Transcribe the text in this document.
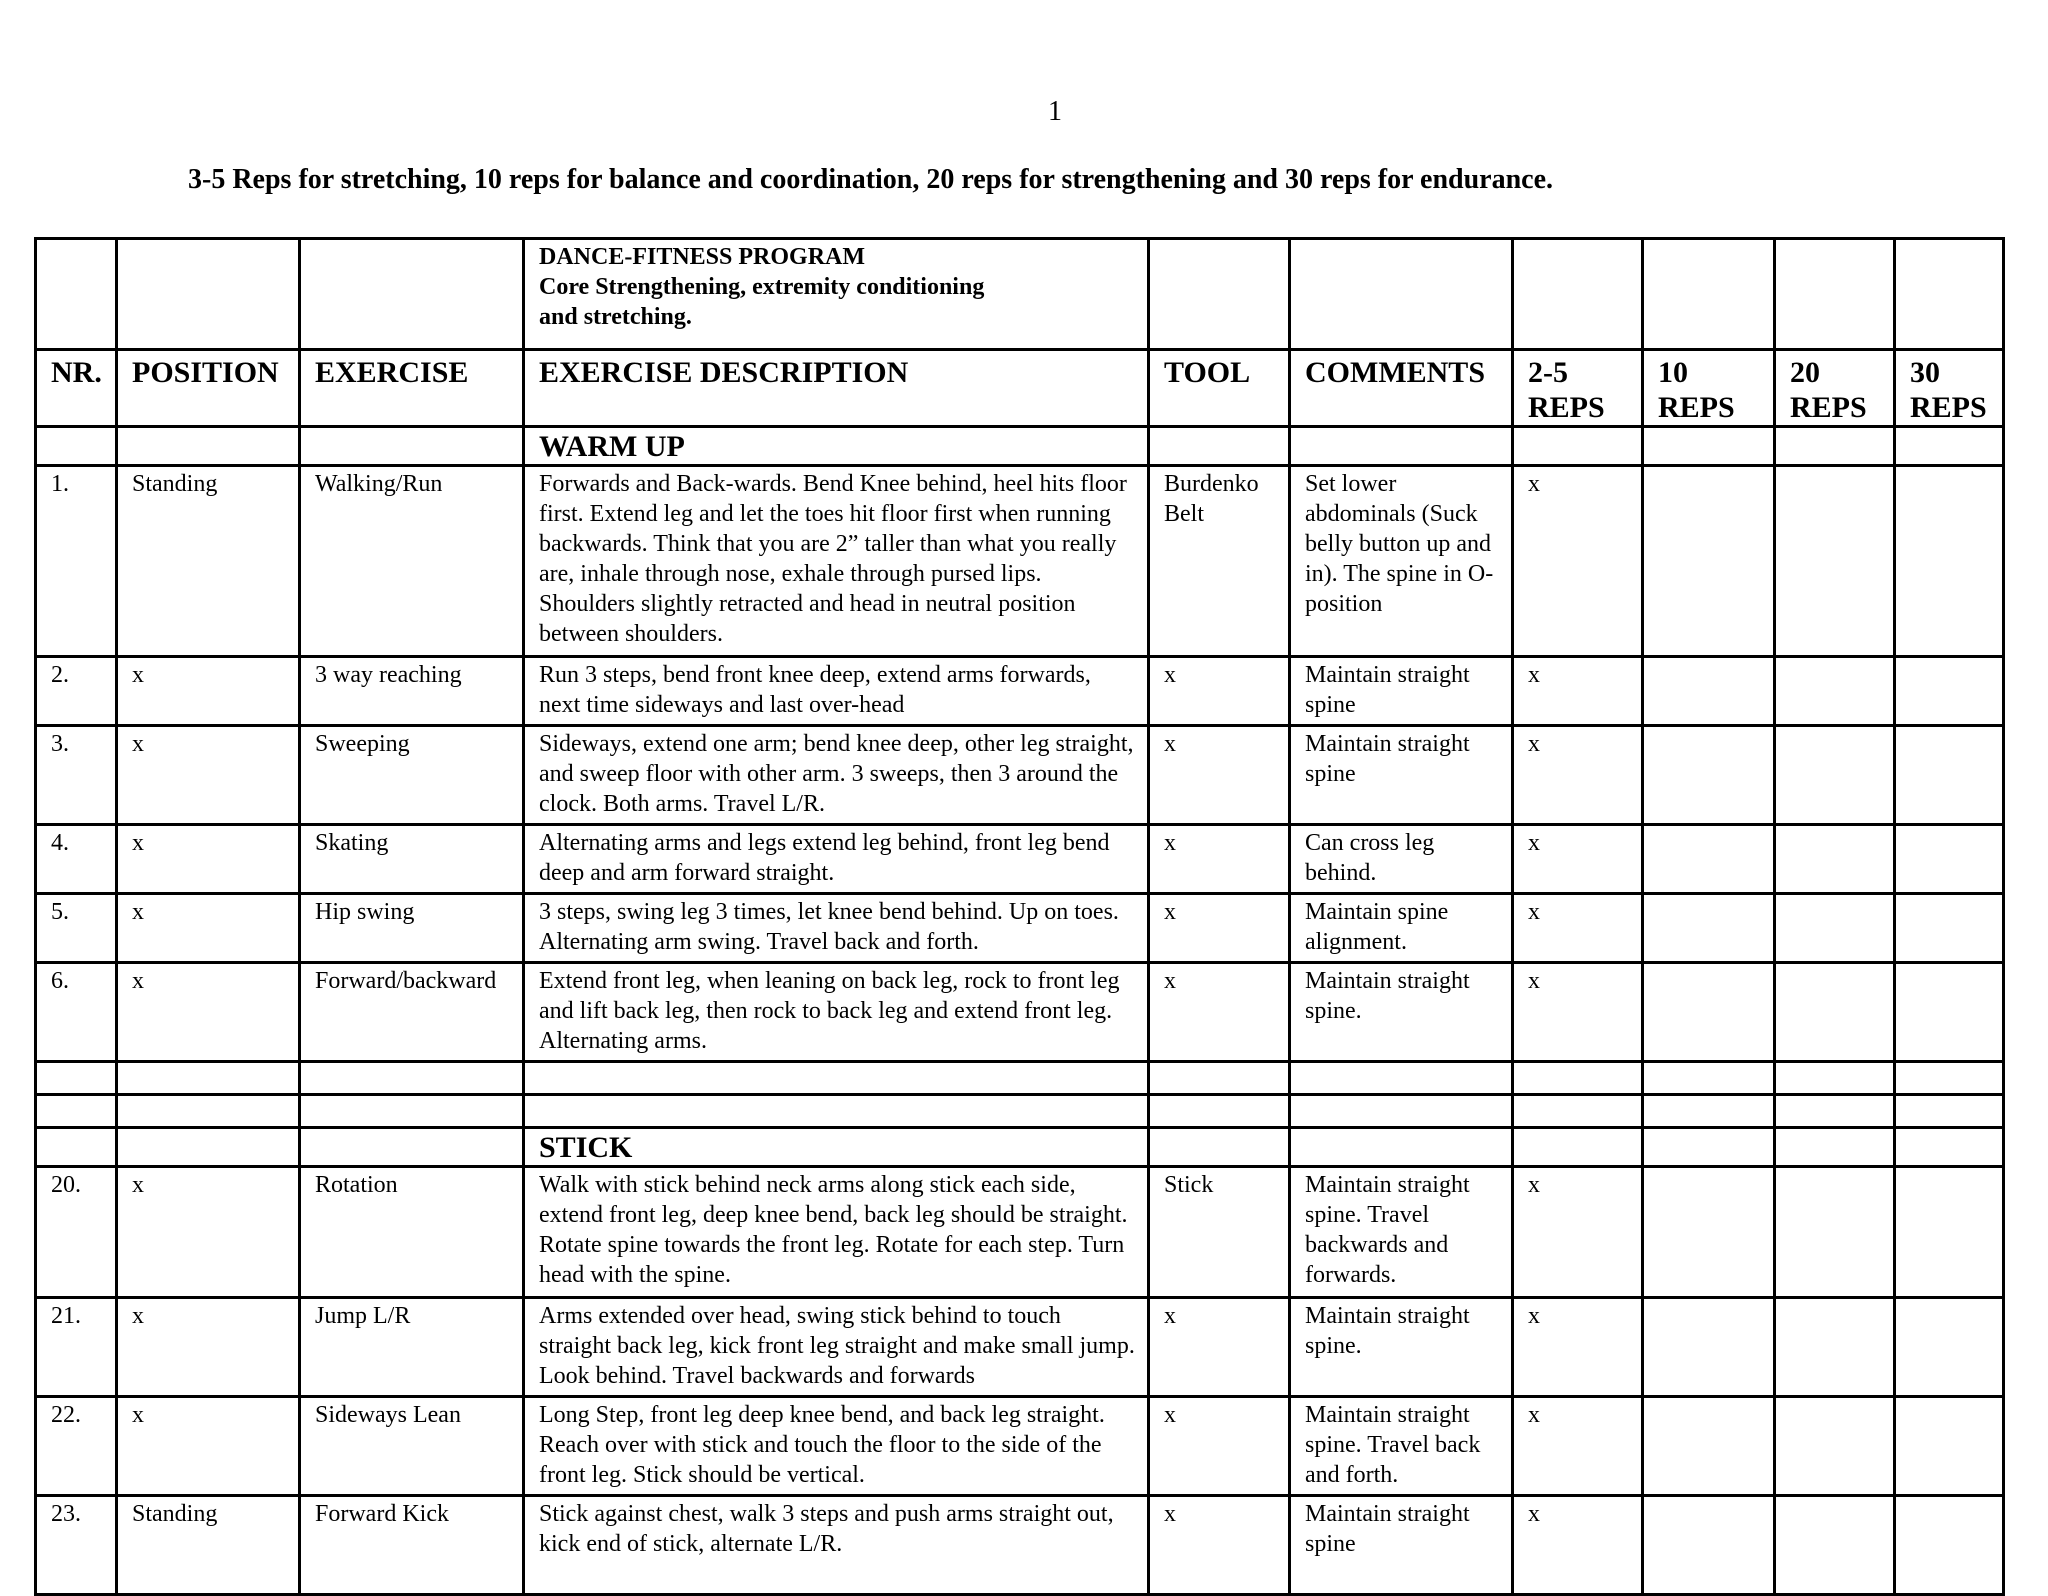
1
3-5 Reps for stretching, 10 reps for balance and coordination, 20 reps for strengthening and 30 reps for endurance.

			DANCE-FITNESS PROGRAM
Core Strengthening, extremity conditioning
and stretching.						

NR.	POSITION	EXERCISE	EXERCISE DESCRIPTION	TOOL	COMMENTS	2-5 REPS	10 REPS	20 REPS	30 REPS
			WARM UP						
1.	Standing	Walking/Run	Forwards and Back-wards. Bend Knee behind, heel hits floor first. Extend leg and let the toes hit floor first when running backwards. Think that you are 2” taller than what you really are, inhale through nose, exhale through pursed lips. Shoulders slightly retracted and head in neutral position between shoulders.	Burdenko Belt	Set lower abdominals (Suck belly button up and in). The spine in O-position	x			
2.	x	3 way reaching	Run 3 steps, bend front knee deep, extend arms forwards, next time sideways and last over-head	x	Maintain straight spine	x			
3.	x	Sweeping	Sideways, extend one arm; bend knee deep, other leg straight, and sweep floor with other arm. 3 sweeps, then 3 around the clock. Both arms. Travel L/R.	x	Maintain straight spine	x			
4.	x	Skating	Alternating arms and legs extend leg behind, front leg bend deep and arm forward straight.	x	Can cross leg behind.	x			
5.	x	Hip swing	3 steps, swing leg 3 times, let knee bend behind. Up on toes. Alternating arm swing. Travel back and forth.	x	Maintain spine alignment.	x			
6.	x	Forward/backward	Extend front leg, when leaning on back leg, rock to front leg and lift back leg, then rock to back leg and extend front leg. Alternating arms.	x	Maintain straight spine.	x			

			STICK						
20.	x	Rotation	Walk with stick behind neck arms along stick each side, extend front leg, deep knee bend, back leg should be straight. Rotate spine towards the front leg. Rotate for each step. Turn head with the spine.	Stick	Maintain straight spine. Travel backwards and forwards.	x			
21.	x	Jump L/R	Arms extended over head, swing stick behind to touch straight back leg, kick front leg straight and make small jump. Look behind. Travel backwards and forwards	x	Maintain straight spine.	x			
22.	x	Sideways Lean	Long Step, front leg deep knee bend, and back leg straight. Reach over with stick and touch the floor to the side of the front leg. Stick should be vertical.	x	Maintain straight spine. Travel back and forth.	x			
23.	Standing	Forward Kick	Stick against chest, walk 3 steps and push arms straight out, kick end of stick, alternate L/R.	x	Maintain straight spine	x			
